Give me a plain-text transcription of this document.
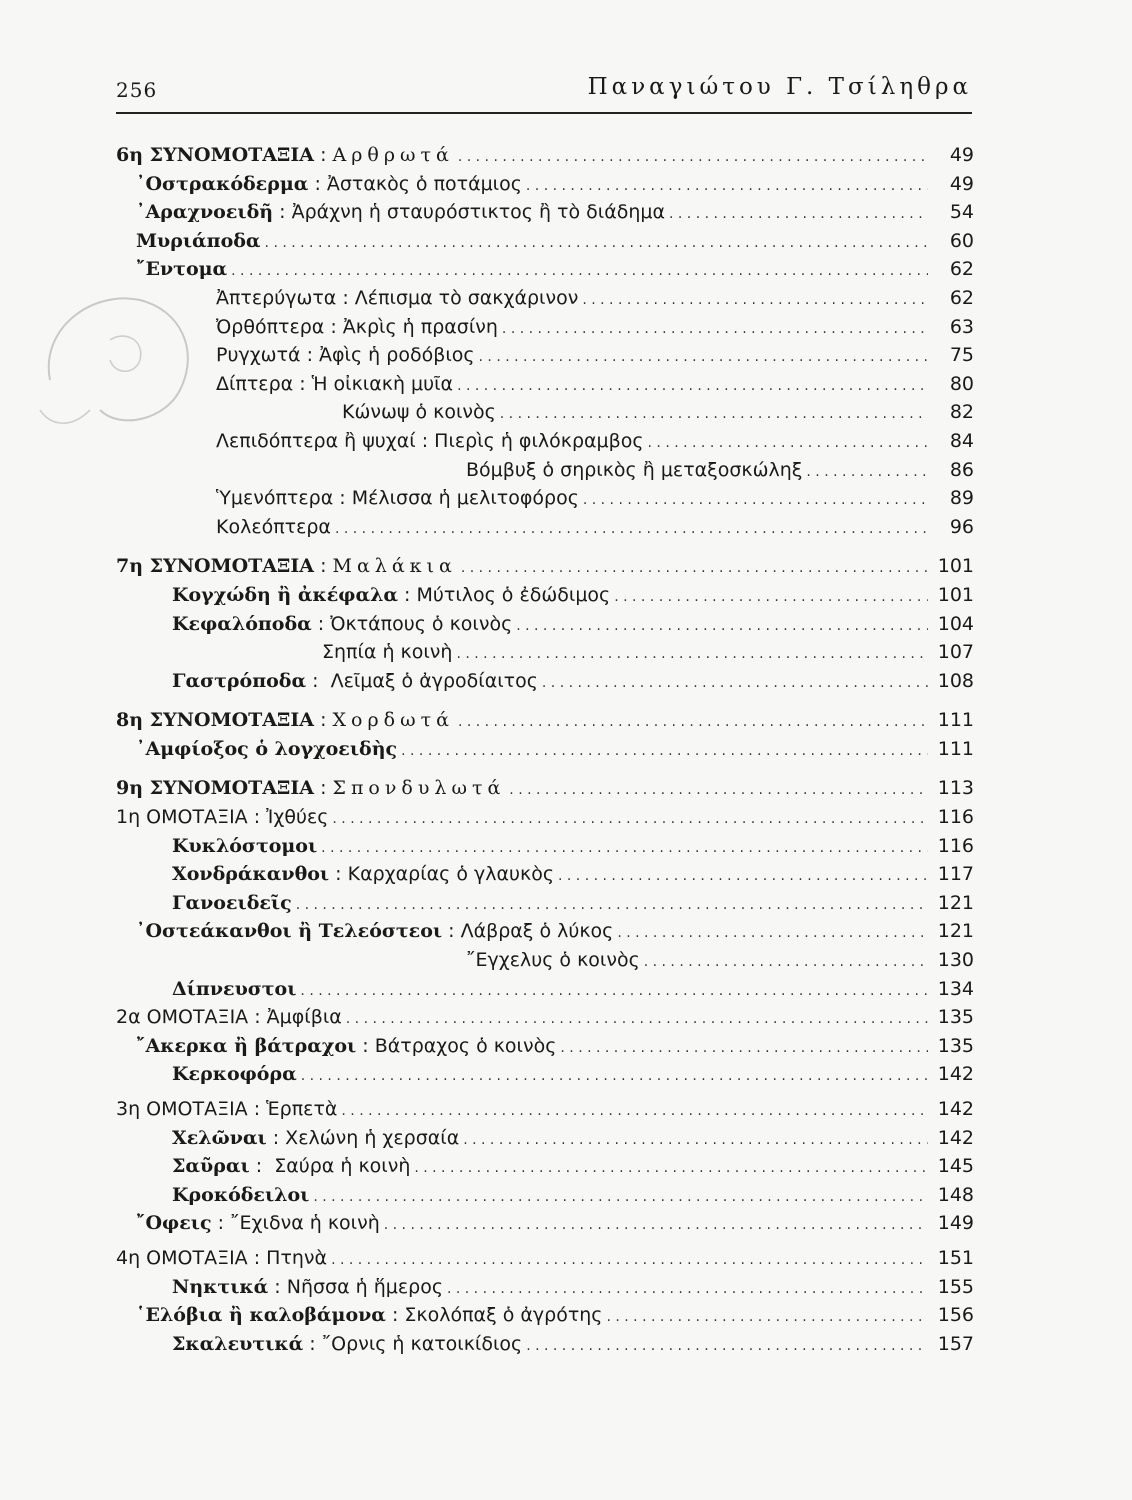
256	Παναγιώτου Γ. Τσίληθρα
6η ΣΥΝΟΜΟΤΑΞΙΑ : Αρθρωτά . . .	49
᾿Οστρακόδερμα : Ἀστακὸς ὁ ποτάμιος . . .	49
᾿Αραχνοειδῆ : Ἀράχνη ἡ σταυρόστικτος ἢ τὸ διάδημα . . .	54
Μυριάποδα . . .	60
῎Εντομα . . .	62
Ἀπτερύγωτα : Λέπισμα τὸ σακχάρινον . . .	62
Ὀρθόπτερα : Ἀκρὶς ἡ πρασίνη . . .	63
Ρυγχωτά : Ἀφὶς ἡ ροδόβιος . . .	75
Δίπτερα : Ἡ οἰκιακὴ μυῖα . . .	80
Κώνωψ ὁ κοινὸς . . .	82
Λεπιδόπτερα ἢ ψυχαί : Πιερὶς ἡ φιλόκραμβος . . .	84
Βόμβυξ ὁ σηρικὸς ἢ μεταξοσκώληξ . . .	86
Ὑμενόπτερα : Μέλισσα ἡ μελιτοφόρος . . .	89
Κολεόπτερα . . .	96
7η ΣΥΝΟΜΟΤΑΞΙΑ : Μαλάκια . . .	101
Κογχώδη ἢ ἀκέφαλα : Μύτιλος ὁ ἐδώδιμος . . .	101
Κεφαλόποδα : Ὀκτάπους ὁ κοινὸς . . .	104
Σηπία ἡ κοινὴ . . .	107
Γαστρόποδα :  Λεῖμαξ ὁ ἀγροδίαιτος . . .	108
8η ΣΥΝΟΜΟΤΑΞΙΑ : Χορδωτά . . .	111
᾿Αμφίοξος ὁ λογχοειδὴς . . .	111
9η ΣΥΝΟΜΟΤΑΞΙΑ : Σπονδυλωτά . . .	113
1η ΟΜΟΤΑΞΙΑ : Ἰχθύες . . .	116
Κυκλόστομοι . . .	116
Χονδράκανθοι : Καρχαρίας ὁ γλαυκὸς . . .	117
Γανοειδεῖς . . .	121
᾿Οστεάκανθοι ἢ Τελεόστεοι : Λάβραξ ὁ λύκος . . .	121
῎Εγχελυς ὁ κοινὸς . . .	130
Δίπνευστοι . . .	134
2α ΟΜΟΤΑΞΙΑ : Ἀμφίβια . . .	135
῎Ακερκα ἢ βάτραχοι : Βάτραχος ὁ κοινὸς . . .	135
Κερκοφόρα . . .	142
3η ΟΜΟΤΑΞΙΑ : Ἑρπετὰ . . .	142
Χελῶναι : Χελώνη ἡ χερσαία . . .	142
Σαῦραι :  Σαύρα ἡ κοινὴ . . .	145
Κροκόδειλοι . . .	148
῎Οφεις : ῎Εχιδνα ἡ κοινὴ . . .	149
4η ΟΜΟΤΑΞΙΑ : Πτηνὰ . . .	151
Νηκτικά : Νῆσσα ἡ ἥμερος . . .	155
῾Ελόβια ἢ καλοβάμονα : Σκολόπαξ ὁ ἀγρότης . . .	156
Σκαλευτικά : ῎Ορνις ἡ κατοικίδιος . . .	157
